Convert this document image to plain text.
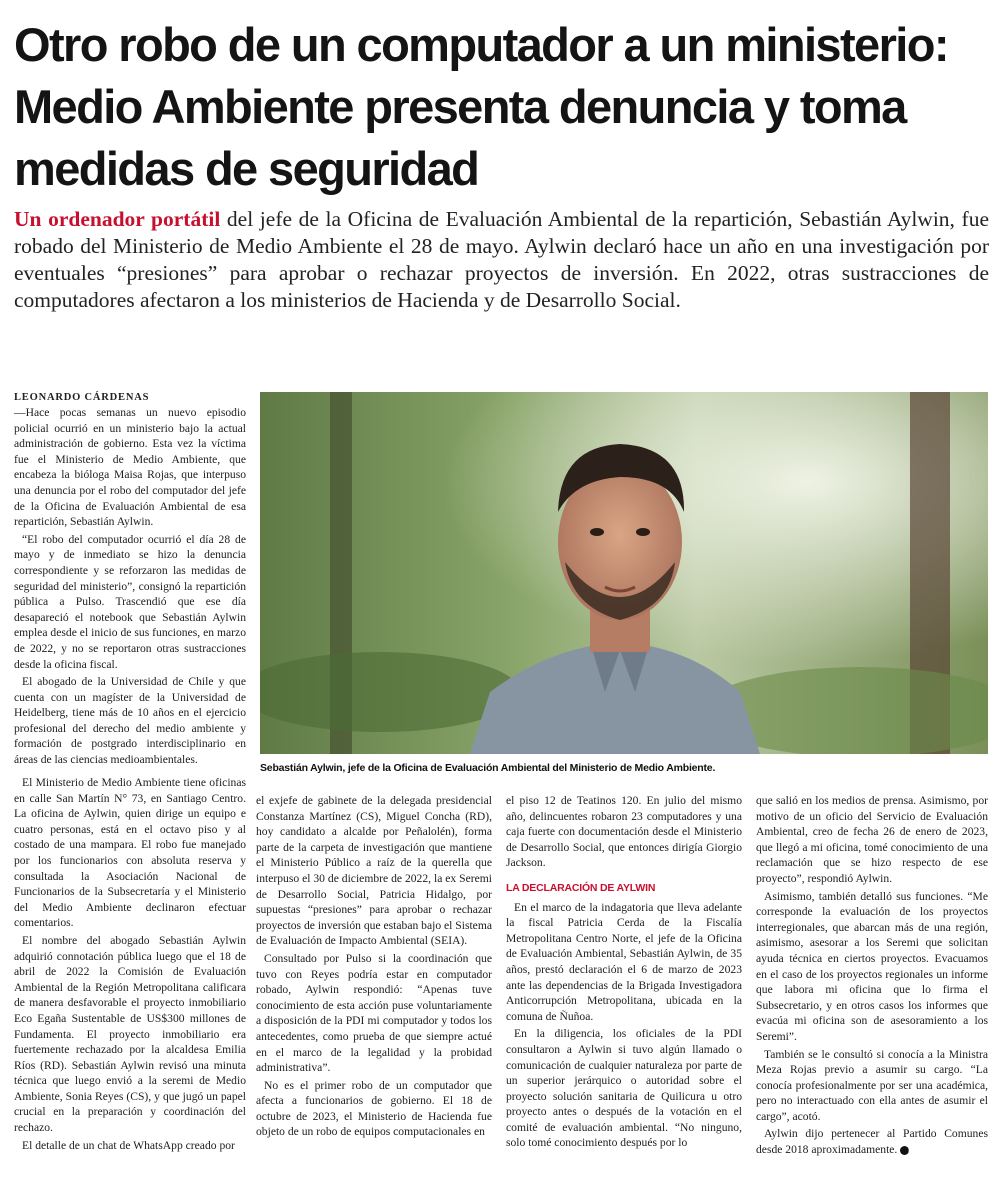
Otro robo de un computador a un ministerio: Medio Ambiente presenta denuncia y toma medidas de seguridad

Un ordenador portátil del jefe de la Oficina de Evaluación Ambiental de la repartición, Sebastián Aylwin, fue robado del Ministerio de Medio Ambiente el 28 de mayo. Aylwin declaró hace un año en una investigación por eventuales “presiones” para aprobar o rechazar proyectos de inversión. En 2022, otras sustracciones de computadores afectaron a los ministerios de Hacienda y de Desarrollo Social.

LEONARDO CÁRDENAS

—Hace pocas semanas un nuevo episodio policial ocurrió en un ministerio bajo la actual administración de gobierno. Esta vez la víctima fue el Ministerio de Medio Ambiente, que encabeza la bióloga Maisa Rojas, que interpuso una denuncia por el robo del computador del jefe de la Oficina de Evaluación Ambiental de esa repartición, Sebastián Aylwin.

“El robo del computador ocurrió el día 28 de mayo y de inmediato se hizo la denuncia correspondiente y se reforzaron las medidas de seguridad del ministerio”, consignó la repartición pública a Pulso. Trascendió que ese día desapareció el notebook que Sebastián Aylwin emplea desde el inicio de sus funciones, en marzo de 2022, y no se reportaron otras sustracciones desde la oficina fiscal.

El abogado de la Universidad de Chile y que cuenta con un magíster de la Universidad de Heidelberg, tiene más de 10 años en el ejercicio profesional del derecho del medio ambiente y formación de postgrado interdisciplinario en áreas de las ciencias medioambientales.

Sebastián Aylwin, jefe de la Oficina de Evaluación Ambiental del Ministerio de Medio Ambiente.

El Ministerio de Medio Ambiente tiene oficinas en calle San Martín N° 73, en Santiago Centro. La oficina de Aylwin, quien dirige un equipo e cuatro personas, está en el octavo piso y al costado de una mampara. El robo fue manejado por los funcionarios con absoluta reserva y consultada la Asociación Nacional de Funcionarios de la Subsecretaría y el Ministerio del Medio Ambiente declinaron efectuar comentarios.

El nombre del abogado Sebastián Aylwin adquirió connotación pública luego que el 18 de abril de 2022 la Comisión de Evaluación Ambiental de la Región Metropolitana calificara de manera desfavorable el proyecto inmobiliario Eco Egaña Sustentable de US$300 millones de Fundamenta. El proyecto inmobiliario era fuertemente rechazado por la alcaldesa Emilia Ríos (RD). Sebastián Aylwin revisó una minuta técnica que luego envió a la seremi de Medio Ambiente, Sonia Reyes (CS), y que jugó un papel crucial en la preparación y coordinación del rechazo.

El detalle de un chat de WhatsApp creado por

el exjefe de gabinete de la delegada presidencial Constanza Martínez (CS), Miguel Concha (RD), hoy candidato a alcalde por Peñalolén), forma parte de la carpeta de investigación que mantiene el Ministerio Público a raíz de la querella que interpuso el 30 de diciembre de 2022, la ex Seremi de Desarrollo Social, Patricia Hidalgo, por supuestas “presiones” para aprobar o rechazar proyectos de inversión que estaban bajo el Sistema de Evaluación de Impacto Ambiental (SEIA).

Consultado por Pulso si la coordinación que tuvo con Reyes podría estar en computador robado, Aylwin respondió: “Apenas tuve conocimiento de esta acción puse voluntariamente a disposición de la PDI mi computador y todos los antecedentes, como prueba de que siempre actué en el marco de la legalidad y la probidad administrativa”.

No es el primer robo de un computador que afecta a funcionarios de gobierno. El 18 de octubre de 2023, el Ministerio de Hacienda fue objeto de un robo de equipos computacionales en

el piso 12 de Teatinos 120. En julio del mismo año, delincuentes robaron 23 computadores y una caja fuerte con documentación desde el Ministerio de Desarrollo Social, que entonces dirigía Giorgio Jackson.

LA DECLARACIÓN DE AYLWIN

En el marco de la indagatoria que lleva adelante la fiscal Patricia Cerda de la Fiscalía Metropolitana Centro Norte, el jefe de la Oficina de Evaluación Ambiental, Sebastián Aylwin, de 35 años, prestó declaración el 6 de marzo de 2023 ante las dependencias de la Brigada Investigadora Anticorrupción Metropolitana, ubicada en la comuna de Ñuñoa.

En la diligencia, los oficiales de la PDI consultaron a Aylwin si tuvo algún llamado o comunicación de cualquier naturaleza por parte de un superior jerárquico o autoridad sobre el proyecto solución sanitaria de Quilicura u otro proyecto antes o después de la votación en el comité de evaluación ambiental. “No ninguno, solo tomé conocimiento después por lo

que salió en los medios de prensa. Asimismo, por motivo de un oficio del Servicio de Evaluación Ambiental, creo de fecha 26 de enero de 2023, que llegó a mi oficina, tomé conocimiento de una reclamación que se hizo respecto de ese proyecto”, respondió Aylwin.

Asimismo, también detalló sus funciones. “Me corresponde la evaluación de los proyectos interregionales, que abarcan más de una región, asimismo, asesorar a los Seremi que solicitan ayuda técnica en ciertos proyectos. Evacuamos en el caso de los proyectos regionales un informe que labora mi oficina que lo firma el Subsecretario, y en otros casos los informes que evacúa mi oficina son de asesoramiento a los Seremi”.

También se le consultó si conocía a la Ministra Meza Rojas previo a asumir su cargo. “La conocía profesionalmente por ser una académica, pero no interactuado con ella antes de asumir el cargo”, acotó.

Aylwin dijo pertenecer al Partido Comunes desde 2018 aproximadamente. P
